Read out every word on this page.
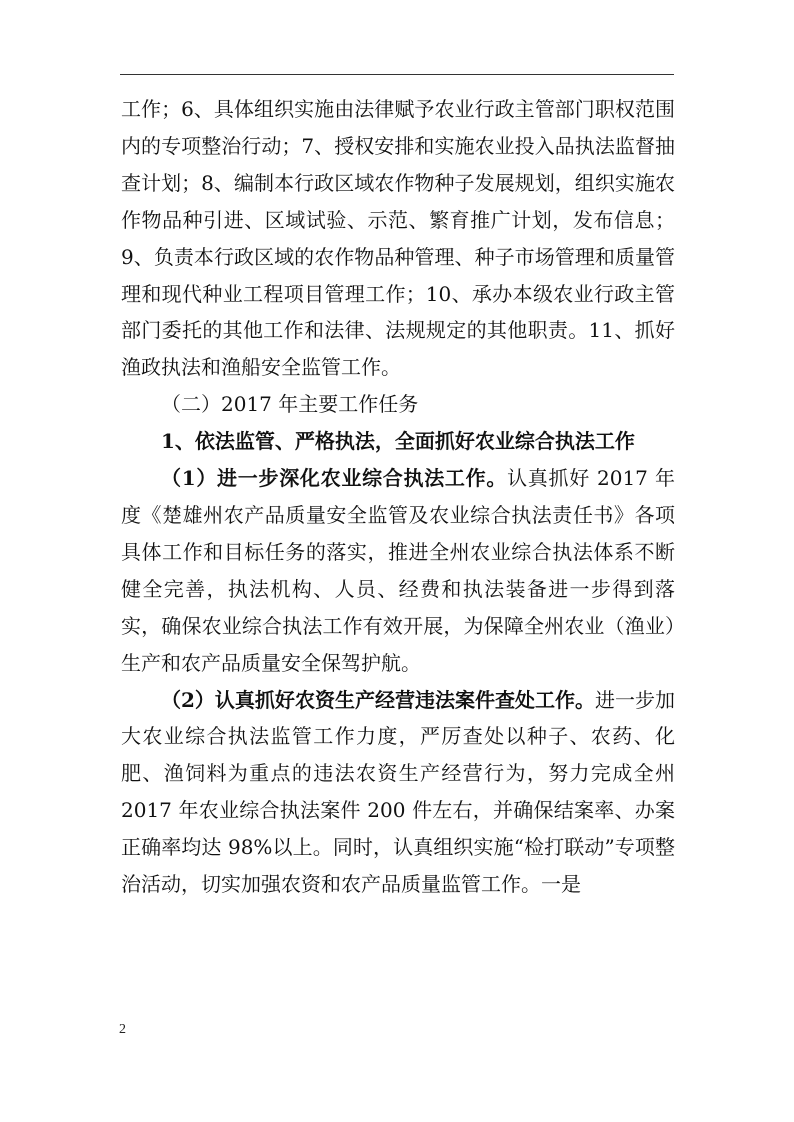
工作；6、具体组织实施由法律赋予农业行政主管部门职权范围内的专项整治行动；7、授权安排和实施农业投入品执法监督抽查计划；8、编制本行政区域农作物种子发展规划，组织实施农作物品种引进、区域试验、示范、繁育推广计划，发布信息；9、负责本行政区域的农作物品种管理、种子市场管理和质量管理和现代种业工程项目管理工作；10、承办本级农业行政主管部门委托的其他工作和法律、法规规定的其他职责。11、抓好渔政执法和渔船安全监管工作。

（二）2017 年主要工作任务

1、依法监管、严格执法，全面抓好农业综合执法工作

（1）进一步深化农业综合执法工作。认真抓好 2017 年度《楚雄州农产品质量安全监管及农业综合执法责任书》各项具体工作和目标任务的落实，推进全州农业综合执法体系不断健全完善，执法机构、人员、经费和执法装备进一步得到落实，确保农业综合执法工作有效开展，为保障全州农业（渔业）生产和农产品质量安全保驾护航。

（2）认真抓好农资生产经营违法案件查处工作。进一步加大农业综合执法监管工作力度，严厉查处以种子、农药、化肥、渔饲料为重点的违法农资生产经营行为，努力完成全州 2017 年农业综合执法案件 200 件左右，并确保结案率、办案正确率均达 98%以上。同时，认真组织实施“检打联动”专项整治活动，切实加强农资和农产品质量监管工作。一是

2
